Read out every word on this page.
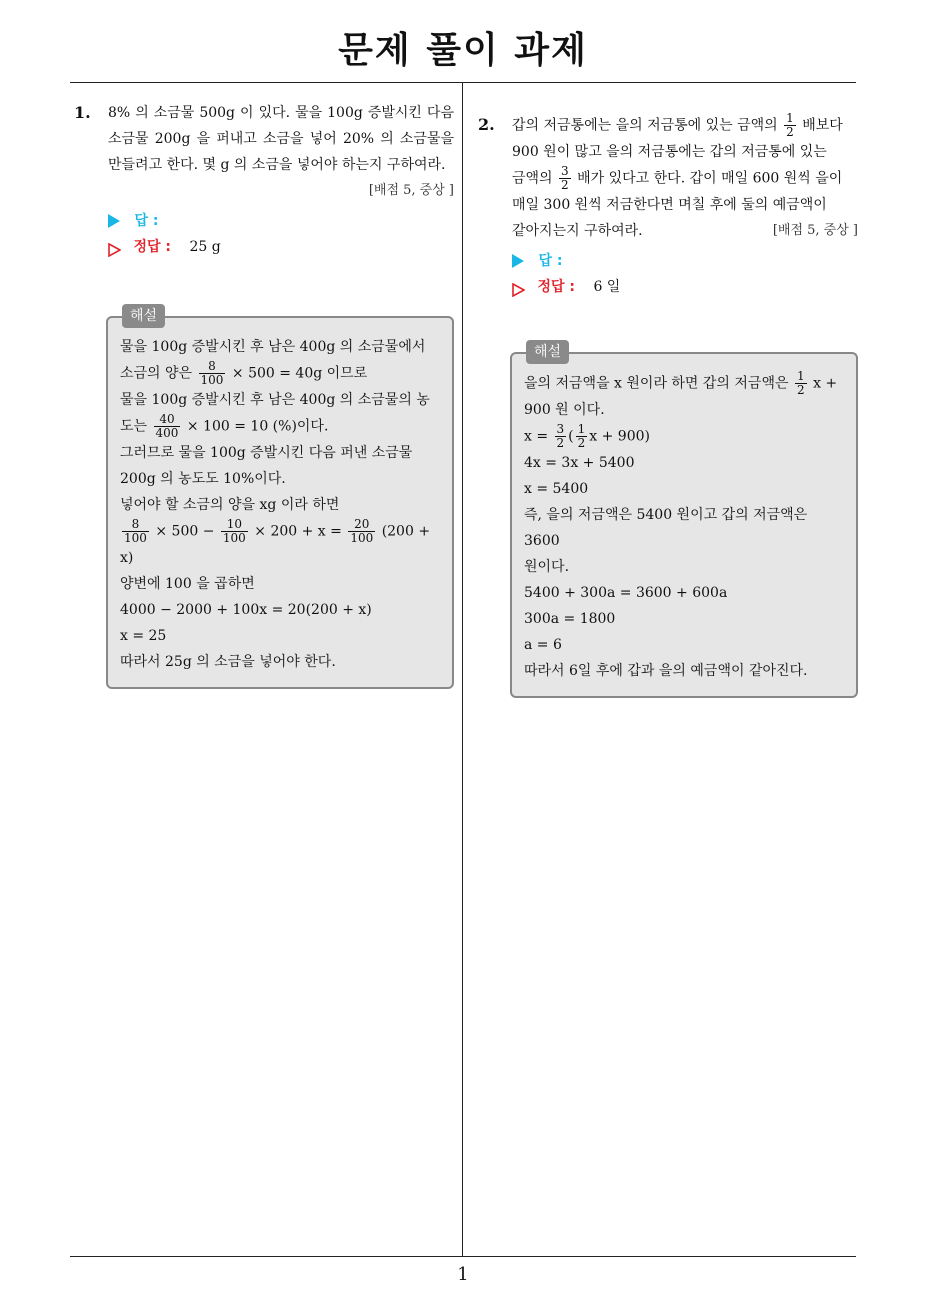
문제 풀이 과제
1
1. 8% 의 소금물 500g 이 있다. 물을 100g 증발시킨 다음 소금물 200g 을 퍼내고 소금을 넣어 20% 의 소금물을 만들려고 한다. 몇 g 의 소금을 넣어야 하는지 구하여라.
[배점 5, 중상 ]
답 :
정답 : 25 g
해설
물을 100g 증발시킨 후 남은 400g 의 소금물에서
소금의 양은 $\frac{8}{100} \times 500 = 40g$ 이므로
물을 100g 증발시킨 후 남은 400g 의 소금물의 농
도는 $\frac{40}{400} \times 100 = 10$ (%)이다.
그러므로 물을 100g 증발시킨 다음 퍼낸 소금물
200g 의 농도도 10%이다.
넣어야 할 소금의 양을 xg 이라 하면
$\frac{8}{100} \times 500 - \frac{10}{100} \times 200 + x = \frac{20}{100} (200 + x)$
양변에 100 을 곱하면
4000 − 2000 + 100x = 20(200 + x)
x = 25
따라서 25g 의 소금을 넣어야 한다.
2. 갑의 저금통에는 을의 저금통에 있는 금액의 $\frac{1}{2}$ 배보다
900 원이 많고 을의 저금통에는 갑의 저금통에 있는
금액의 $\frac{3}{2}$ 배가 있다고 한다. 갑이 매일 600 원씩 을이
매일 300 원씩 저금한다면 며칠 후에 둘의 예금액이
같아지는지 구하여라.	[배점 5, 중상 ]
답 :
정답 : 6 일
해설
을의 저금액을 x 원이라 하면 갑의 저금액은 $\frac{1}{2}$ x +
900 원 이다.
$x = \frac{3}{2}$ ( $\frac{1}{2}$ x + 900)
4x = 3x + 5400
x = 5400
즉, 을의 저금액은 5400 원이고 갑의 저금액은 3600
원이다.
5400 + 300a = 3600 + 600a
300a = 1800
a = 6
따라서 6일 후에 갑과 을의 예금액이 같아진다.
